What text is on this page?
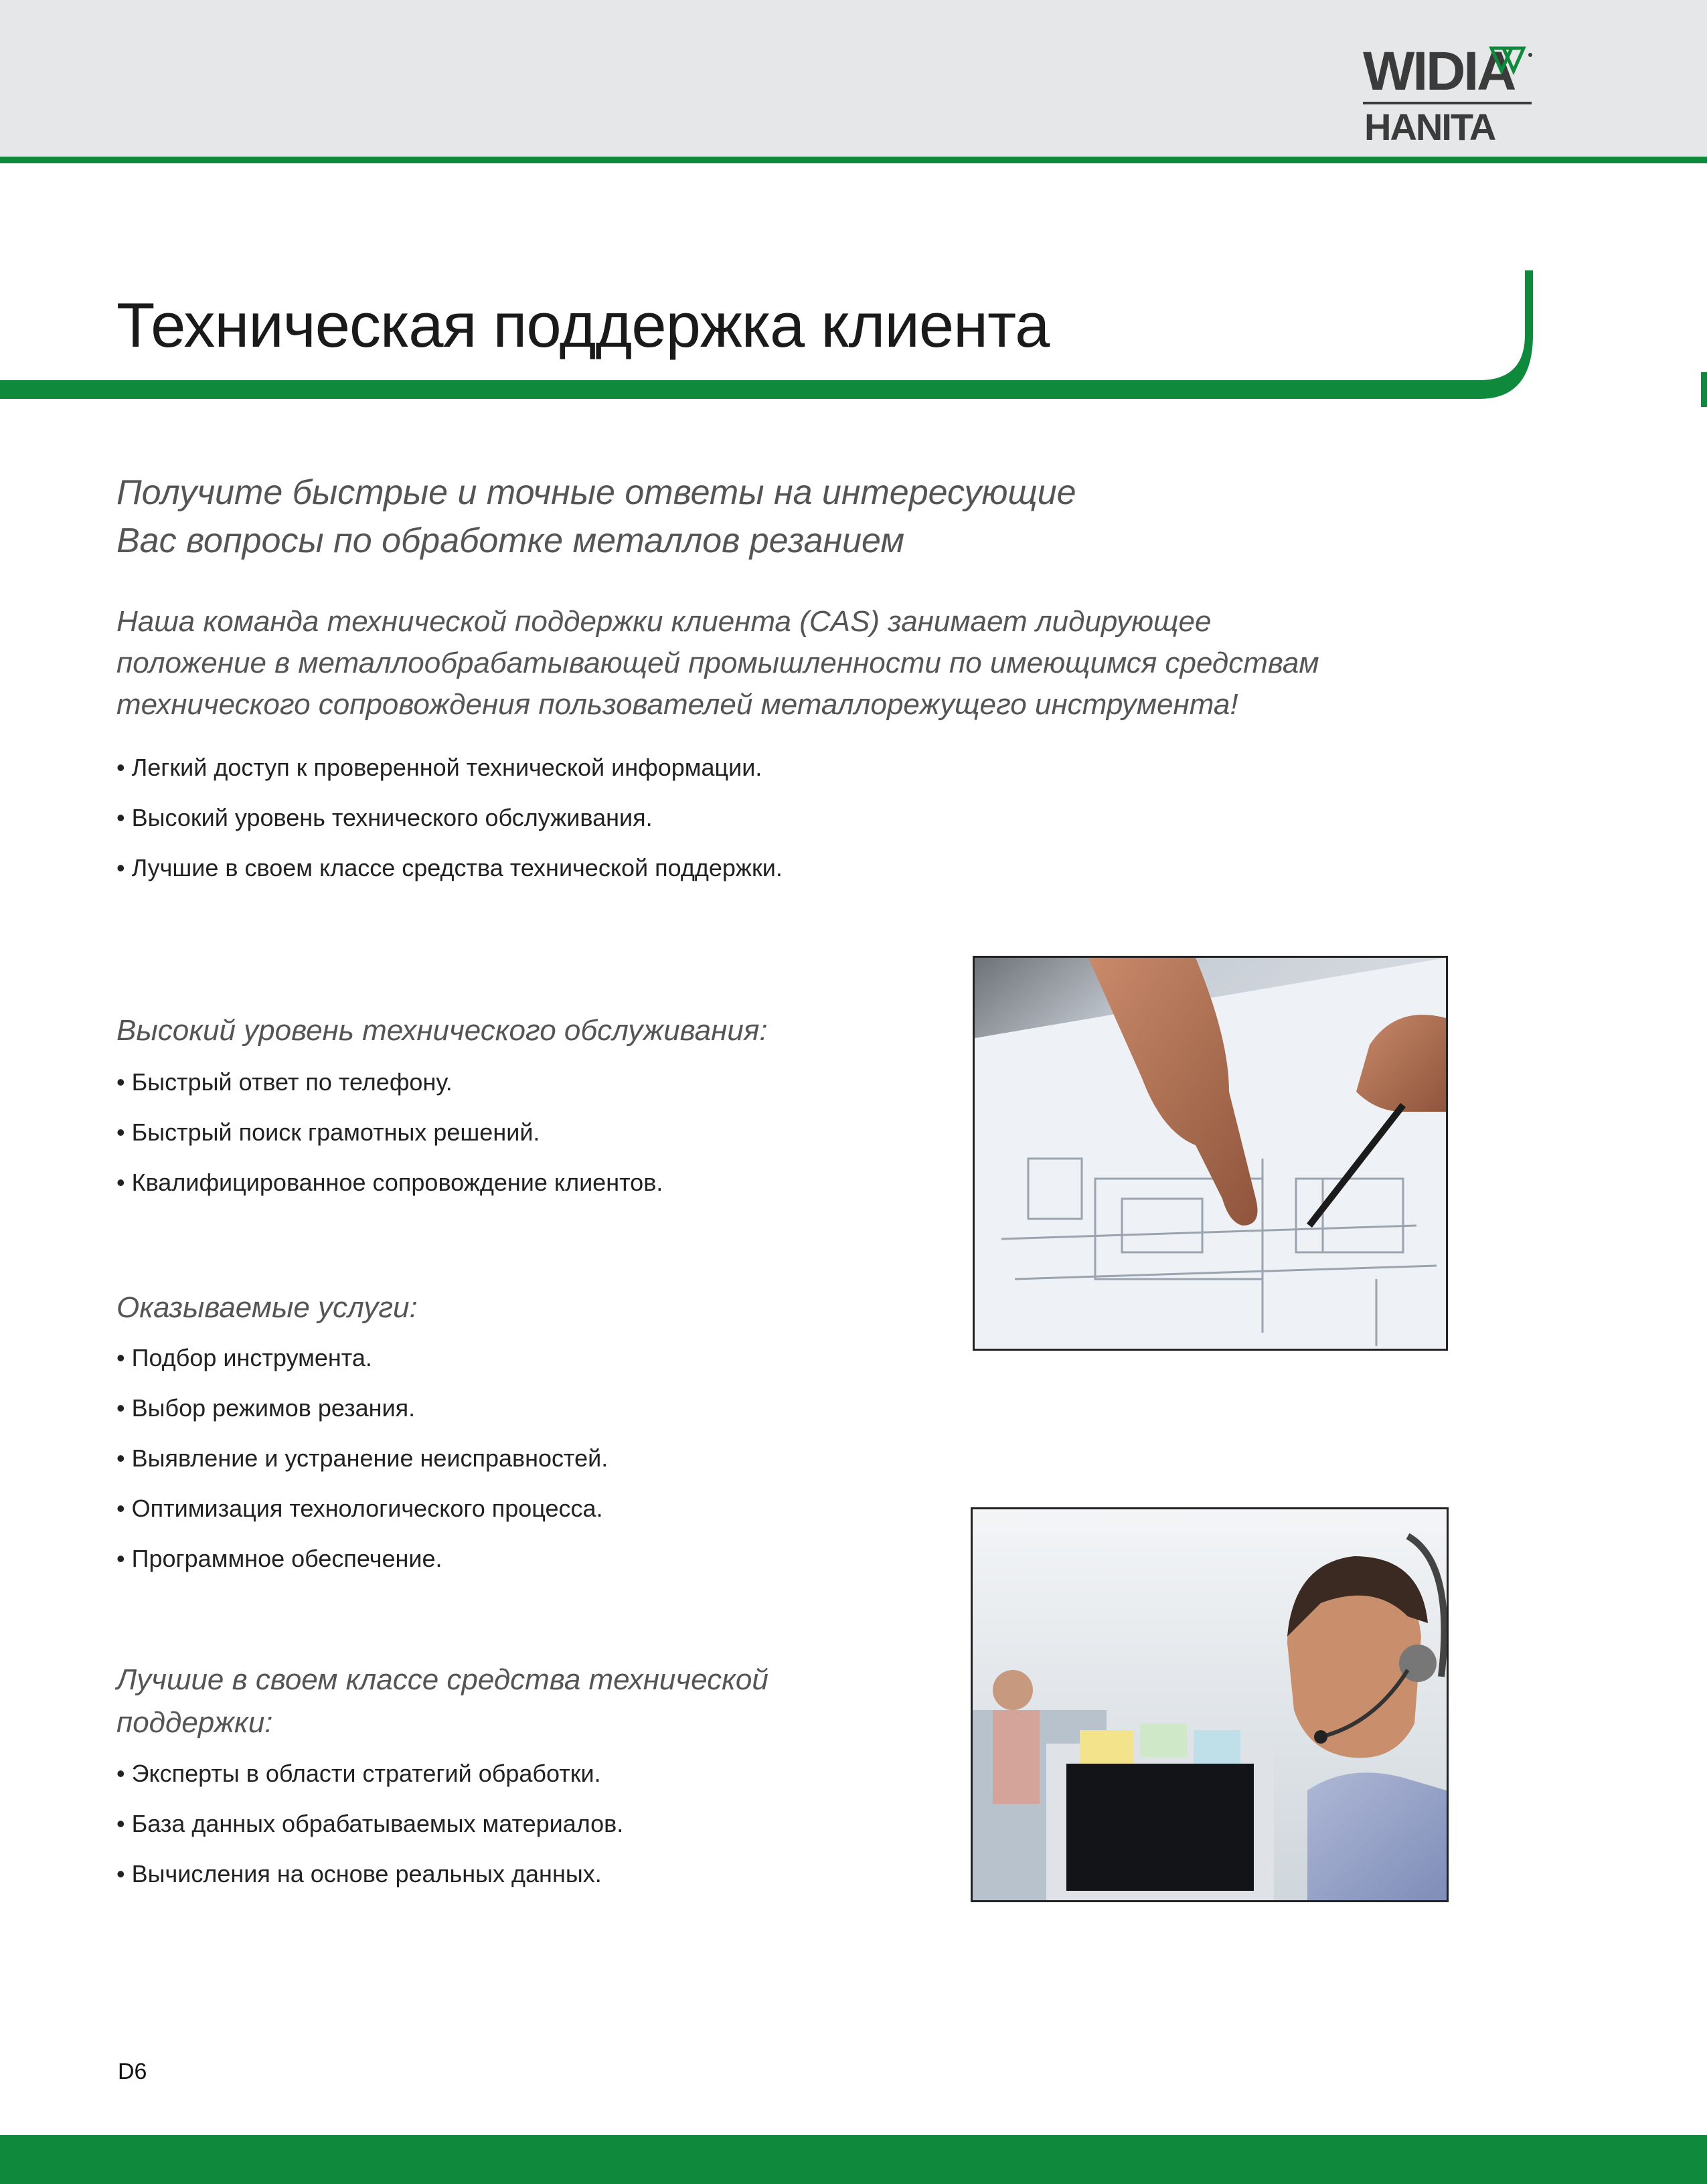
WIDIA
HANITA
Техническая поддержка клиента
Получите быстрые и точные ответы на интересующие
Вас вопросы по обработке металлов резанием
Наша команда технической поддержки клиента (CAS) занимает лидирующее
положение в металлообрабатывающей промышленности по имеющимся средствам
технического сопровождения пользователей металлорежущего инструмента!
• Легкий доступ к проверенной технической информации.
• Высокий уровень технического обслуживания.
• Лучшие в своем классе средства технической поддержки.
Высокий уровень технического обслуживания:
• Быстрый ответ по телефону.
• Быстрый поиск грамотных решений.
• Квалифицированное сопровождение клиентов.
Оказываемые услуги:
• Подбор инструмента.
• Выбор режимов резания.
• Выявление и устранение неисправностей.
• Оптимизация технологического процесса.
• Программное обеспечение.
Лучшие в своем классе средства технической
поддержки:
• Эксперты в области стратегий обработки.
• База данных обрабатываемых материалов.
• Вычисления на основе реальных данных.
D6
